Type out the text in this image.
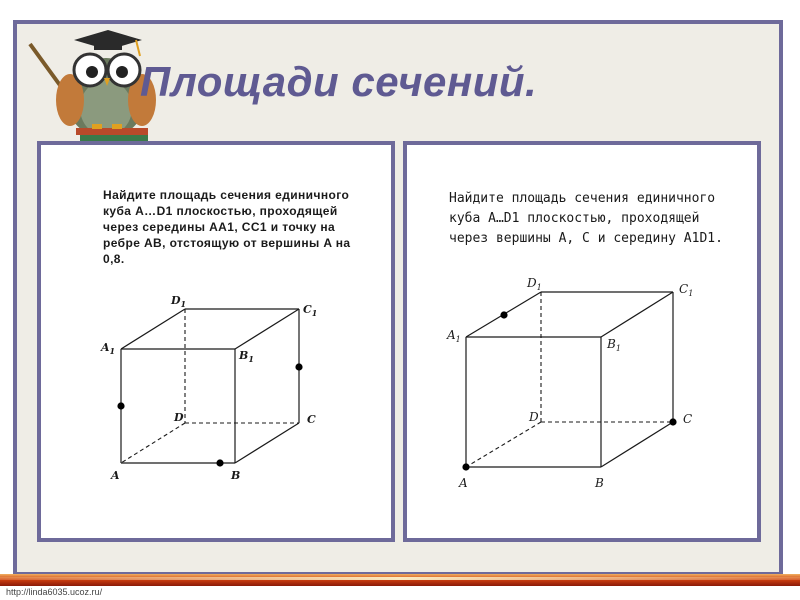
Площади сечений.

Найдите площадь сечения единичного куба A…D1 плоскостью, проходящей через середины AA1, CC1 и точку на ребре AB, отстоящую от вершины A на 0,8.

$D_1$	$C_1$
$A_1$	$B_1$
D	C
A	B

Найдите площадь сечения единичного куба A…D1 плоскостью, проходящей через вершины A, C и середину A1D1.

$D_1$	$C_1$
$A_1$	$B_1$
D	C
A	B
http://linda6035.ucoz.ru/
